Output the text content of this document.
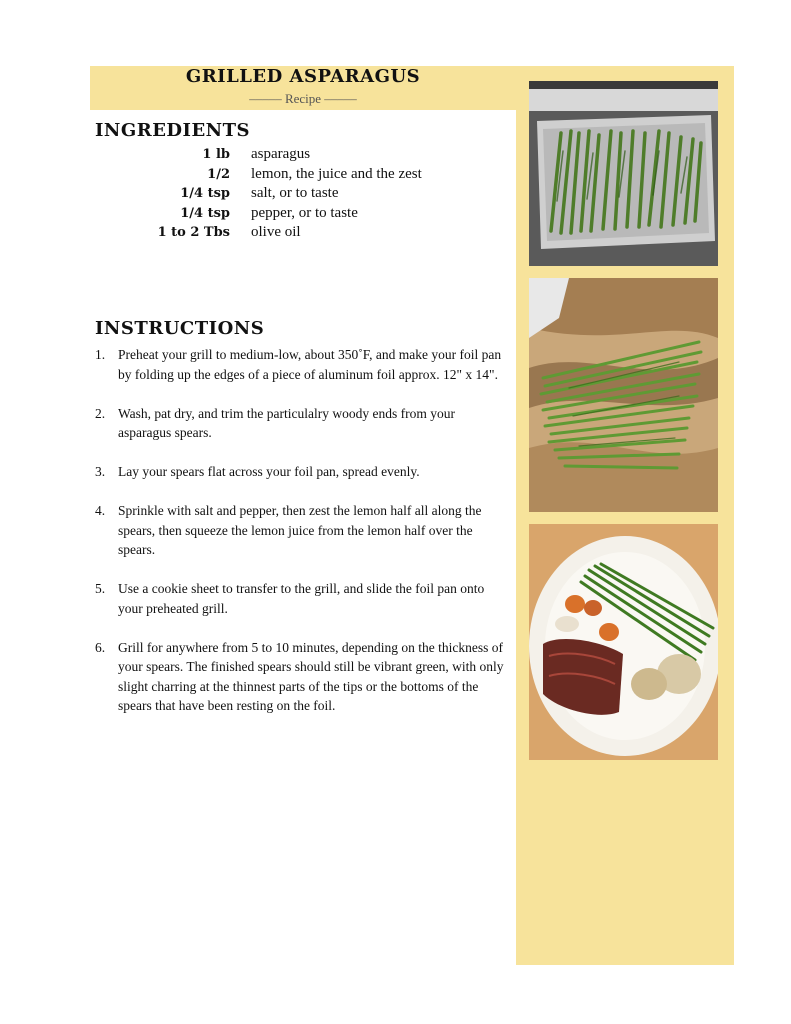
GRILLED ASPARAGUS
––––– Recipe –––––
INGREDIENTS
1 lb	asparagus
1/2	lemon, the juice and the zest
1/4 tsp	salt, or to taste
1/4 tsp	pepper, or to taste
1 to 2 Tbs	olive oil
INSTRUCTIONS
1. Preheat your grill to medium-low, about 350˚F, and make your foil pan by folding up the edges of a piece of aluminum foil approx. 12" x 14".
2. Wash, pat dry, and trim the particulalry woody ends from your asparagus spears.
3. Lay your spears flat across your foil pan, spread evenly.
4. Sprinkle with salt and pepper, then zest the lemon half all along the spears, then squeeze the lemon juice from the lemon half over the spears.
5. Use a cookie sheet to transfer to the grill, and slide the foil pan onto your preheated grill.
6. Grill for anywhere from 5 to 10 minutes, depending on the thickness of your spears. The finished spears should still be vibrant green, with only slight charring at the thinnest parts of the tips or the bottoms of the spears that have been resting on the foil.
